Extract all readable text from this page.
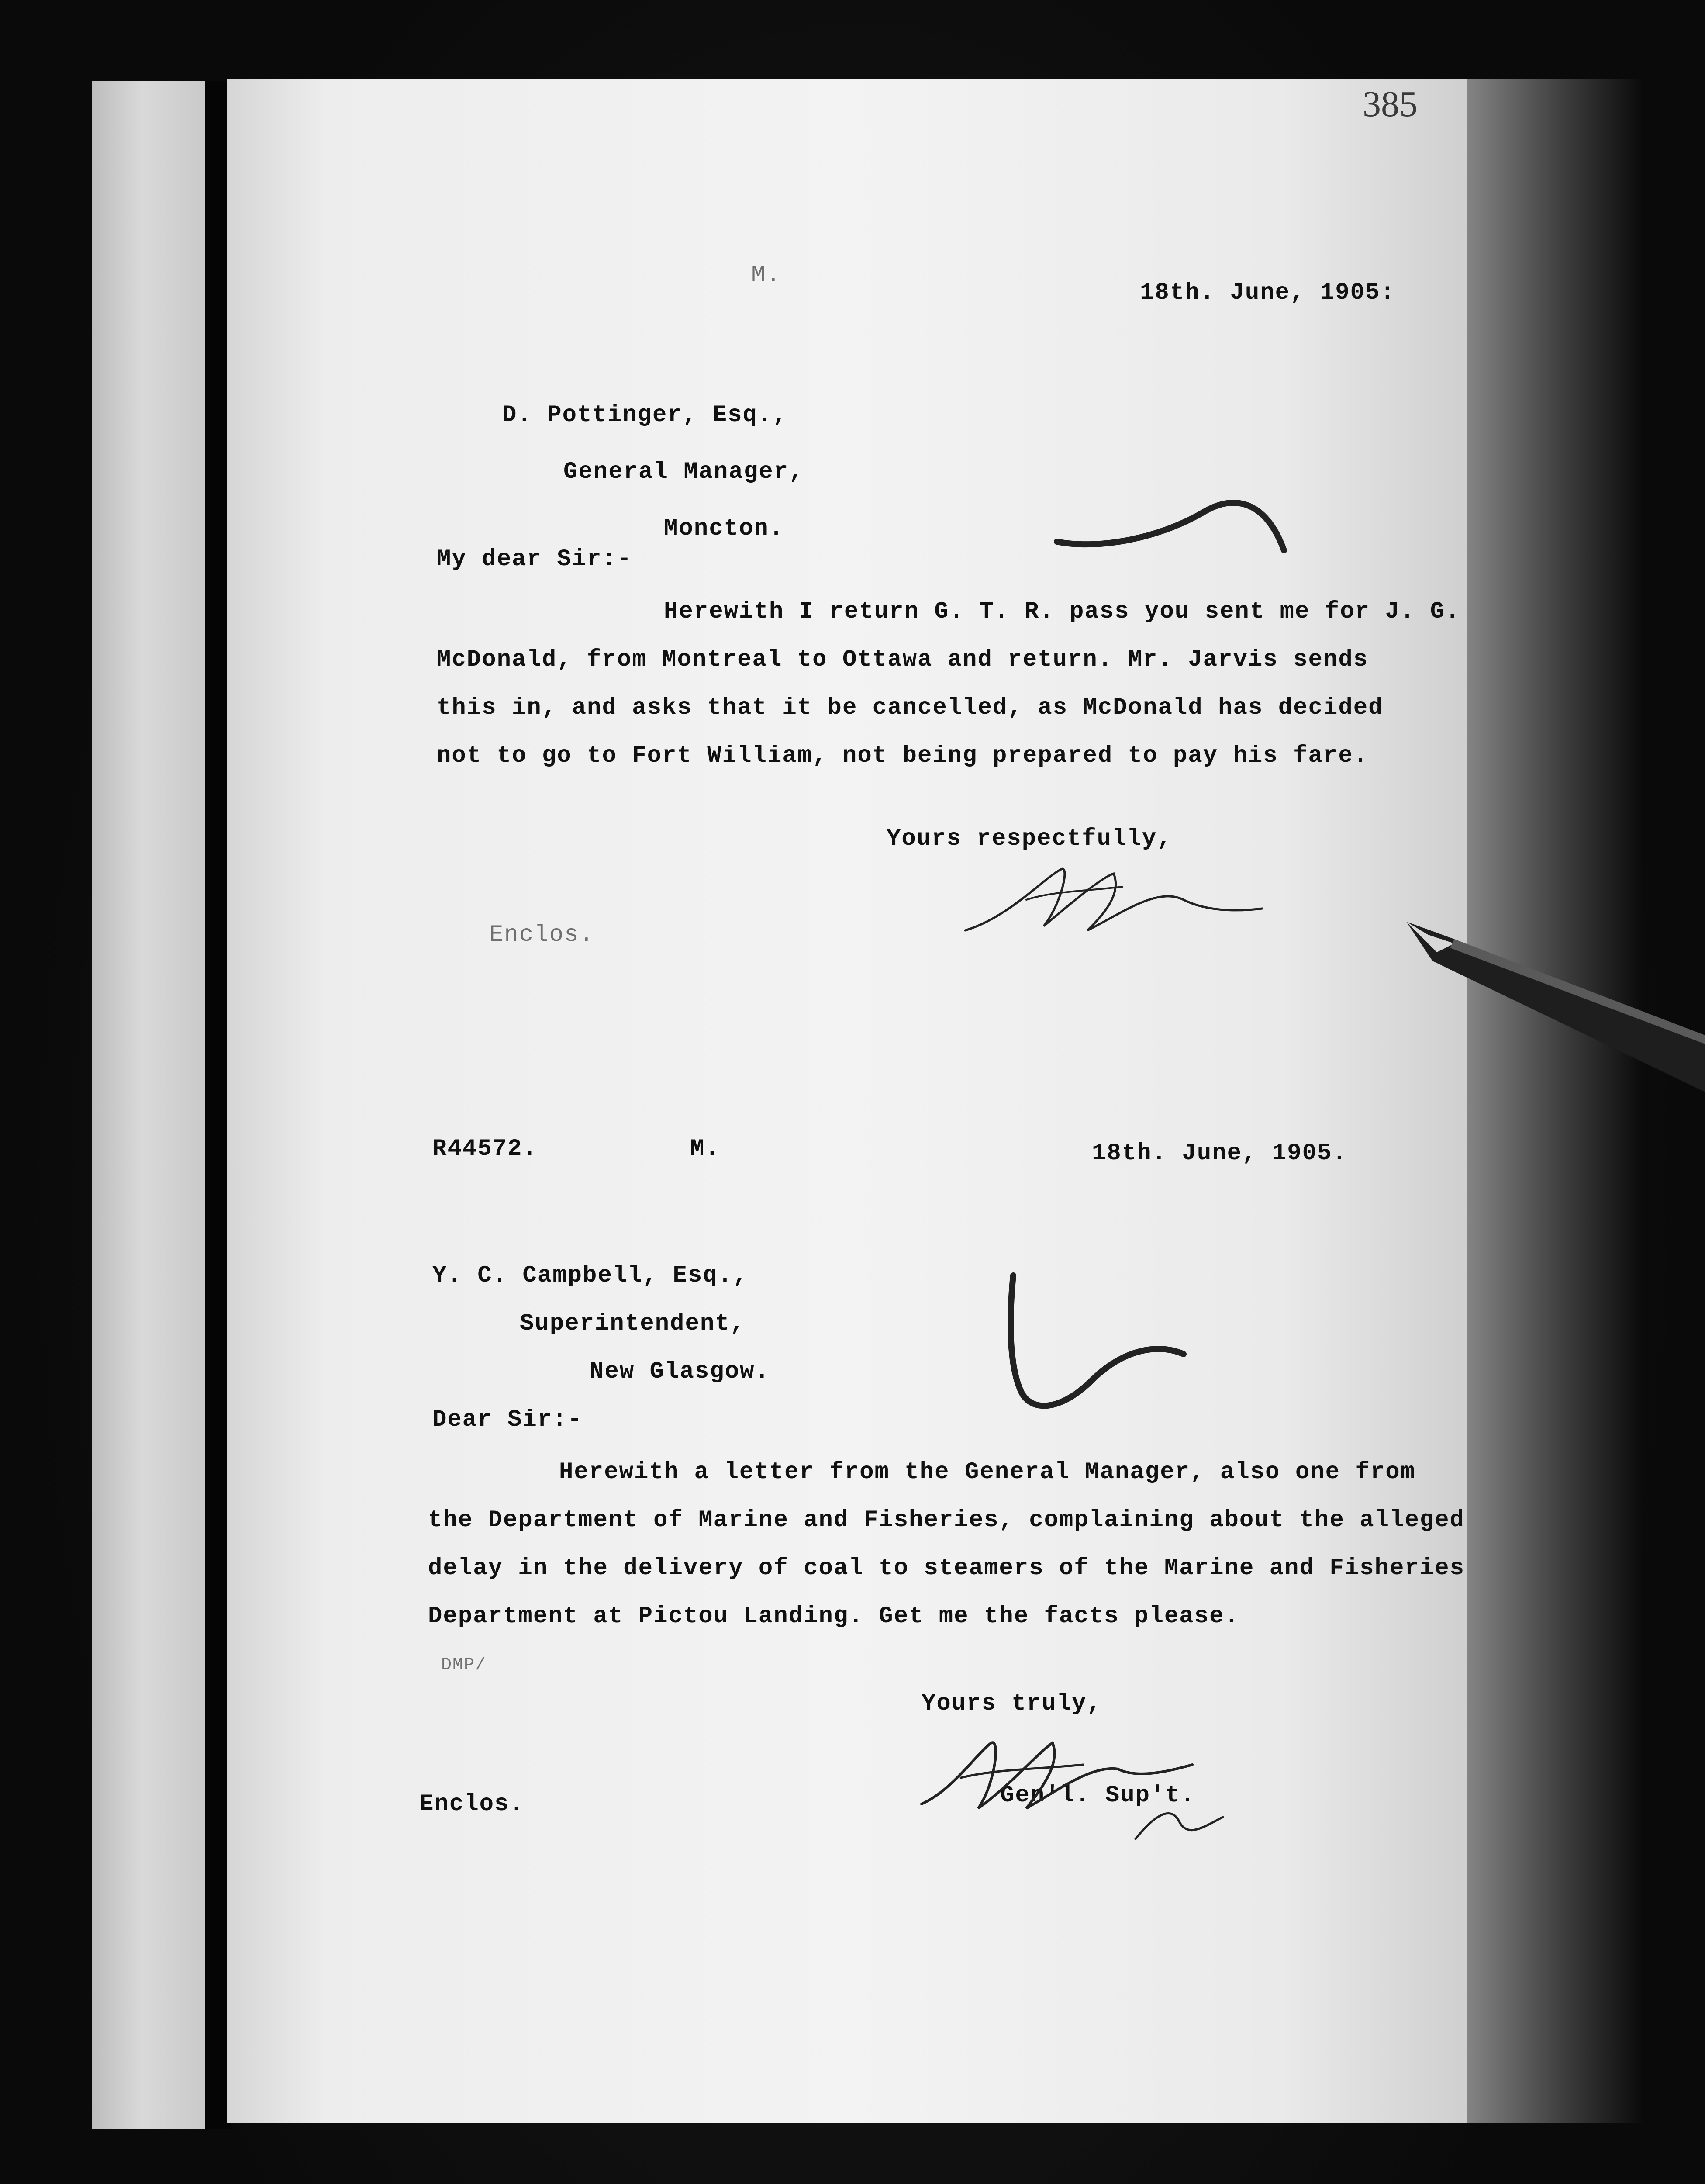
385
M.
18th. June, 1905:
D. Pottinger, Esq.,
General Manager,
Moncton.
My dear Sir:-
Herewith I return G. T. R. pass you sent me for J. G.
McDonald, from Montreal to Ottawa and return. Mr. Jarvis sends
this in, and asks that it be cancelled, as McDonald has decided
not to go to Fort William, not being prepared to pay his fare.
Yours respectfully,
Enclos.
R44572.	M.	18th. June, 1905.
Y. C. Campbell, Esq.,
Superintendent,
New Glasgow.
Dear Sir:-
Herewith a letter from the General Manager, also one from
the Department of Marine and Fisheries, complaining about the alleged
delay in the delivery of coal to steamers of the Marine and Fisheries
Department at Pictou Landing. Get me the facts please.
DMP/
Yours truly,
Gen'l. Sup't.
Enclos.
